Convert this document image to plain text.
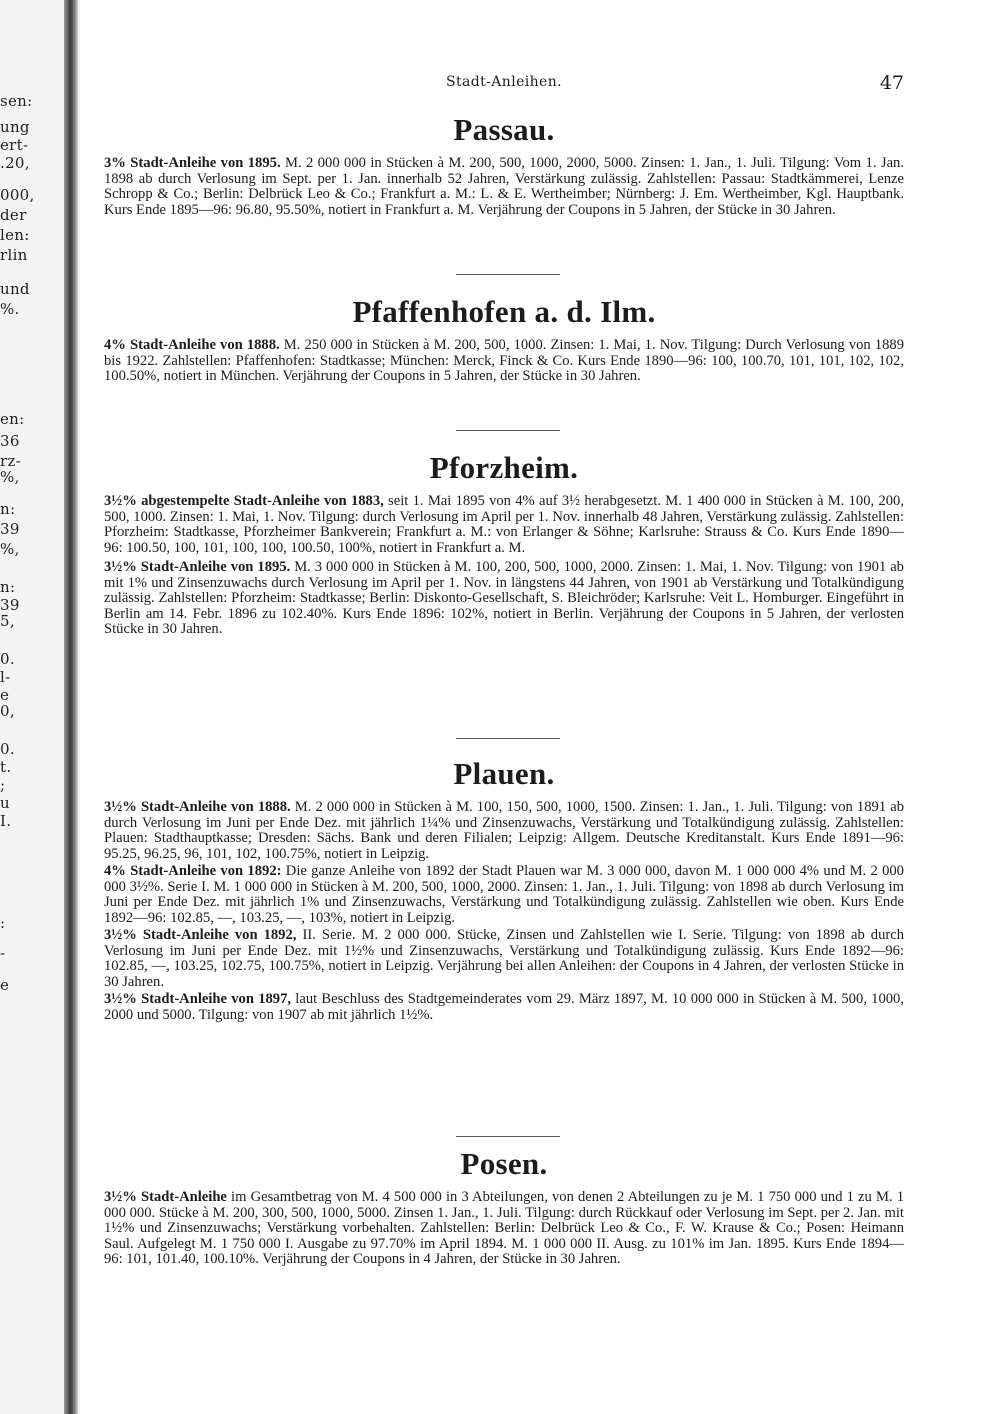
sen:
ung
ert-
.20,
000,
der
len:
rlin
und
%.
en:
36
rz-
%,
n:
39
%,
n:
39
5,
0.
l-
e
0,
0.
t.
;
u
I.
:
-
e
Stadt-Anleihen.	47
Passau.

3% Stadt-Anleihe von 1895. M. 2 000 000 in Stücken à M. 200, 500, 1000, 2000, 5000. Zinsen: 1. Jan., 1. Juli. Tilgung: Vom 1. Jan. 1898 ab durch Verlosung im Sept. per 1. Jan. innerhalb 52 Jahren, Verstärkung zulässig. Zahlstellen: Passau: Stadtkämmerei, Lenze Schropp & Co.; Berlin: Delbrück Leo & Co.; Frankfurt a. M.: L. & E. Wertheimber; Nürnberg: J. Em. Wertheimber, Kgl. Hauptbank. Kurs Ende 1895—96: 96.80, 95.50%, notiert in Frankfurt a. M. Verjährung der Coupons in 5 Jahren, der Stücke in 30 Jahren.

Pfaffenhofen a. d. Ilm.

4% Stadt-Anleihe von 1888. M. 250 000 in Stücken à M. 200, 500, 1000. Zinsen: 1. Mai, 1. Nov. Tilgung: Durch Verlosung von 1889 bis 1922. Zahlstellen: Pfaffenhofen: Stadtkasse; München: Merck, Finck & Co. Kurs Ende 1890—96: 100, 100.70, 101, 101, 102, 102, 100.50%, notiert in München. Verjährung der Coupons in 5 Jahren, der Stücke in 30 Jahren.

Pforzheim.

3½% abgestempelte Stadt-Anleihe von 1883, seit 1. Mai 1895 von 4% auf 3½ herabgesetzt. M. 1 400 000 in Stücken à M. 100, 200, 500, 1000. Zinsen: 1. Mai, 1. Nov. Tilgung: durch Verlosung im April per 1. Nov. innerhalb 48 Jahren, Verstärkung zulässig. Zahlstellen: Pforzheim: Stadtkasse, Pforzheimer Bankverein; Frankfurt a. M.: von Erlanger & Söhne; Karlsruhe: Strauss & Co. Kurs Ende 1890—96: 100.50, 100, 101, 100, 100, 100.50, 100%, notiert in Frankfurt a. M.

3½% Stadt-Anleihe von 1895. M. 3 000 000 in Stücken à M. 100, 200, 500, 1000, 2000. Zinsen: 1. Mai, 1. Nov. Tilgung: von 1901 ab mit 1% und Zinsenzuwachs durch Verlosung im April per 1. Nov. in längstens 44 Jahren, von 1901 ab Verstärkung und Totalkündigung zulässig. Zahlstellen: Pforzheim: Stadtkasse; Berlin: Diskonto-Gesellschaft, S. Bleichröder; Karlsruhe: Veit L. Homburger. Eingeführt in Berlin am 14. Febr. 1896 zu 102.40%. Kurs Ende 1896: 102%, notiert in Berlin. Verjährung der Coupons in 5 Jahren, der verlosten Stücke in 30 Jahren.

Plauen.

3½% Stadt-Anleihe von 1888. M. 2 000 000 in Stücken à M. 100, 150, 500, 1000, 1500. Zinsen: 1. Jan., 1. Juli. Tilgung: von 1891 ab durch Verlosung im Juni per Ende Dez. mit jährlich 1¼% und Zinsenzuwachs, Verstärkung und Totalkündigung zulässig. Zahlstellen: Plauen: Stadthauptkasse; Dresden: Sächs. Bank und deren Filialen; Leipzig: Allgem. Deutsche Kreditanstalt. Kurs Ende 1891—96: 95.25, 96.25, 96, 101, 102, 100.75%, notiert in Leipzig.

4% Stadt-Anleihe von 1892: Die ganze Anleihe von 1892 der Stadt Plauen war M. 3 000 000, davon M. 1 000 000 4% und M. 2 000 000 3½%. Serie I. M. 1 000 000 in Stücken à M. 200, 500, 1000, 2000. Zinsen: 1. Jan., 1. Juli. Tilgung: von 1898 ab durch Verlosung im Juni per Ende Dez. mit jährlich 1% und Zinsenzuwachs, Verstärkung und Totalkündigung zulässig. Zahlstellen wie oben. Kurs Ende 1892—96: 102.85, —, 103.25, —, 103%, notiert in Leipzig.

3½% Stadt-Anleihe von 1892, II. Serie. M. 2 000 000. Stücke, Zinsen und Zahlstellen wie I. Serie. Tilgung: von 1898 ab durch Verlosung im Juni per Ende Dez. mit 1½% und Zinsenzuwachs, Verstärkung und Totalkündigung zulässig. Kurs Ende 1892—96: 102.85, —, 103.25, 102.75, 100.75%, notiert in Leipzig. Verjährung bei allen Anleihen: der Coupons in 4 Jahren, der verlosten Stücke in 30 Jahren.

3½% Stadt-Anleihe von 1897, laut Beschluss des Stadtgemeinderates vom 29. März 1897, M. 10 000 000 in Stücken à M. 500, 1000, 2000 und 5000. Tilgung: von 1907 ab mit jährlich 1½%.

Posen.

3½% Stadt-Anleihe im Gesamtbetrag von M. 4 500 000 in 3 Abteilungen, von denen 2 Abteilungen zu je M. 1 750 000 und 1 zu M. 1 000 000. Stücke à M. 200, 300, 500, 1000, 5000. Zinsen 1. Jan., 1. Juli. Tilgung: durch Rückkauf oder Verlosung im Sept. per 2. Jan. mit 1½% und Zinsenzuwachs; Verstärkung vorbehalten. Zahlstellen: Berlin: Delbrück Leo & Co., F. W. Krause & Co.; Posen: Heimann Saul. Aufgelegt M. 1 750 000 I. Ausgabe zu 97.70% im April 1894. M. 1 000 000 II. Ausg. zu 101% im Jan. 1895. Kurs Ende 1894—96: 101, 101.40, 100.10%. Verjährung der Coupons in 4 Jahren, der Stücke in 30 Jahren.
